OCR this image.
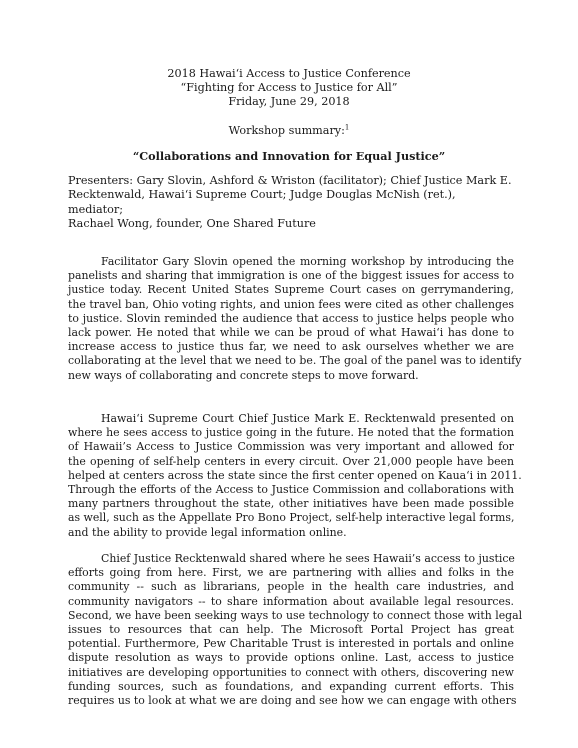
2018 Hawaiʻi Access to Justice Conference
“Fighting for Access to Justice for All”
Friday, June 29, 2018
Workshop summary:$^1$
“Collaborations and Innovation for Equal Justice”
Presenters: Gary Slovin, Ashford & Wriston (facilitator); Chief Justice Mark E.
Recktenwald, Hawaiʻi Supreme Court; Judge Douglas McNish (ret.), mediator;
Rachael Wong, founder, One Shared Future
Facilitator Gary Slovin opened the morning workshop by introducing the
panelists and sharing that immigration is one of the biggest issues for access to
justice today. Recent United States Supreme Court cases on gerrymandering,
the travel ban, Ohio voting rights, and union fees were cited as other challenges
to justice. Slovin reminded the audience that access to justice helps people who
lack power. He noted that while we can be proud of what Hawaiʻi has done to
increase access to justice thus far, we need to ask ourselves whether we are
collaborating at the level that we need to be. The goal of the panel was to identify
new ways of collaborating and concrete steps to move forward.
Hawaiʻi Supreme Court Chief Justice Mark E. Recktenwald presented on
where he sees access to justice going in the future. He noted that the formation
of Hawaii’s Access to Justice Commission was very important and allowed for
the opening of self-help centers in every circuit. Over 21,000 people have been
helped at centers across the state since the first center opened on Kauaʻi in 2011.
Through the efforts of the Access to Justice Commission and collaborations with
many partners throughout the state, other initiatives have been made possible
as well, such as the Appellate Pro Bono Project, self-help interactive legal forms,
and the ability to provide legal information online.
Chief Justice Recktenwald shared where he sees Hawaii’s access to justice
efforts going from here. First, we are partnering with allies and folks in the
community -- such as librarians, people in the health care industries, and
community navigators -- to share information about available legal resources.
Second, we have been seeking ways to use technology to connect those with legal
issues to resources that can help. The Microsoft Portal Project has great
potential. Furthermore, Pew Charitable Trust is interested in portals and online
dispute resolution as ways to provide options online. Last, access to justice
initiatives are developing opportunities to connect with others, discovering new
funding sources, such as foundations, and expanding current efforts. This
requires us to look at what we are doing and see how we can engage with others
